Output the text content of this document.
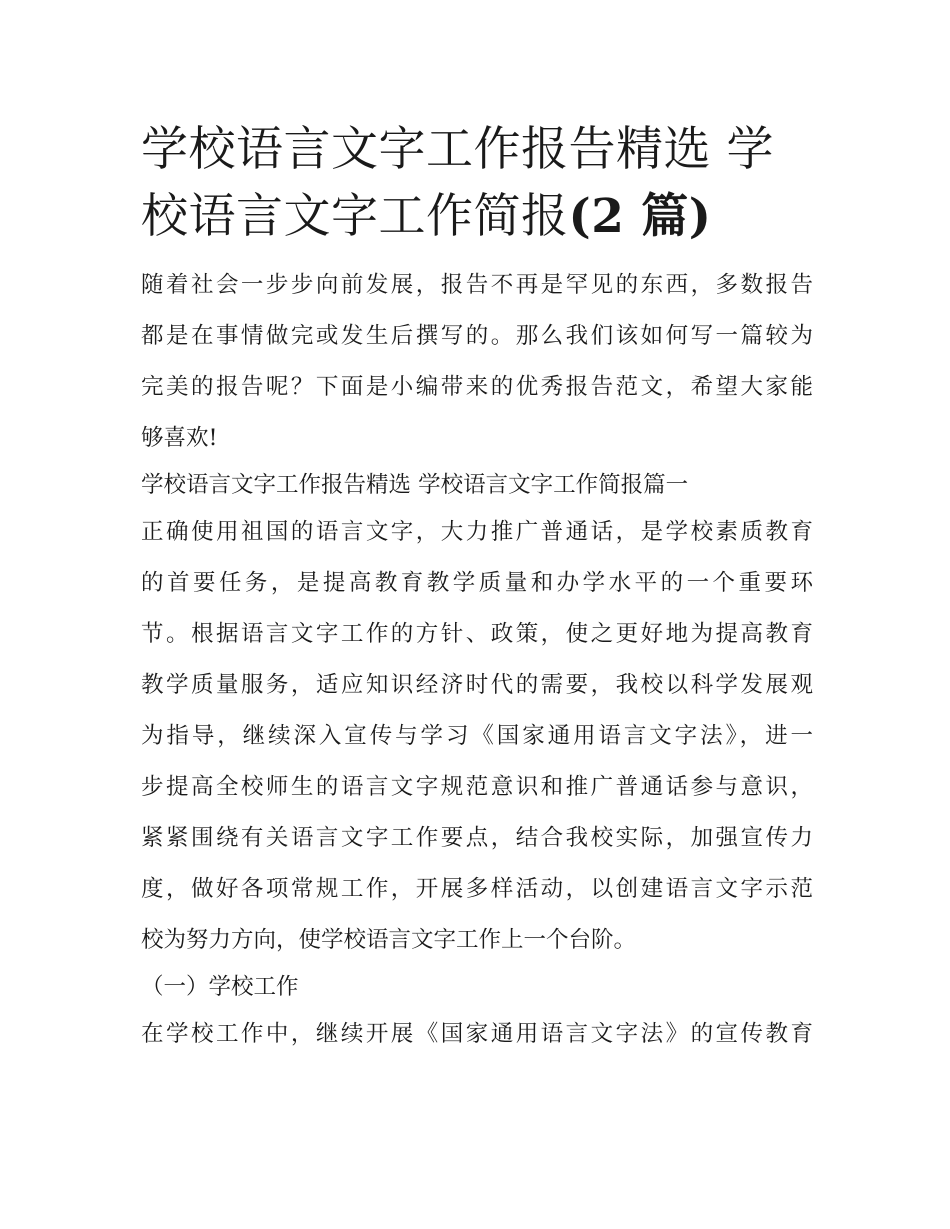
学校语言文字工作报告精选 学
校语言文字工作简报(2 篇)

随着社会一步步向前发展，报告不再是罕见的东西，多数报告
都是在事情做完或发生后撰写的。那么我们该如何写一篇较为
完美的报告呢？下面是小编带来的优秀报告范文，希望大家能
够喜欢!

学校语言文字工作报告精选 学校语言文字工作简报篇一

正确使用祖国的语言文字，大力推广普通话，是学校素质教育
的首要任务，是提高教育教学质量和办学水平的一个重要环
节。根据语言文字工作的方针、政策，使之更好地为提高教育
教学质量服务，适应知识经济时代的需要，我校以科学发展观
为指导，继续深入宣传与学习《国家通用语言文字法》，进一
步提高全校师生的语言文字规范意识和推广普通话参与意识，
紧紧围绕有关语言文字工作要点，结合我校实际，加强宣传力
度，做好各项常规工作，开展多样活动，以创建语言文字示范
校为努力方向，使学校语言文字工作上一个台阶。

（一）学校工作

在学校工作中，继续开展《国家通用语言文字法》的宣传教育
